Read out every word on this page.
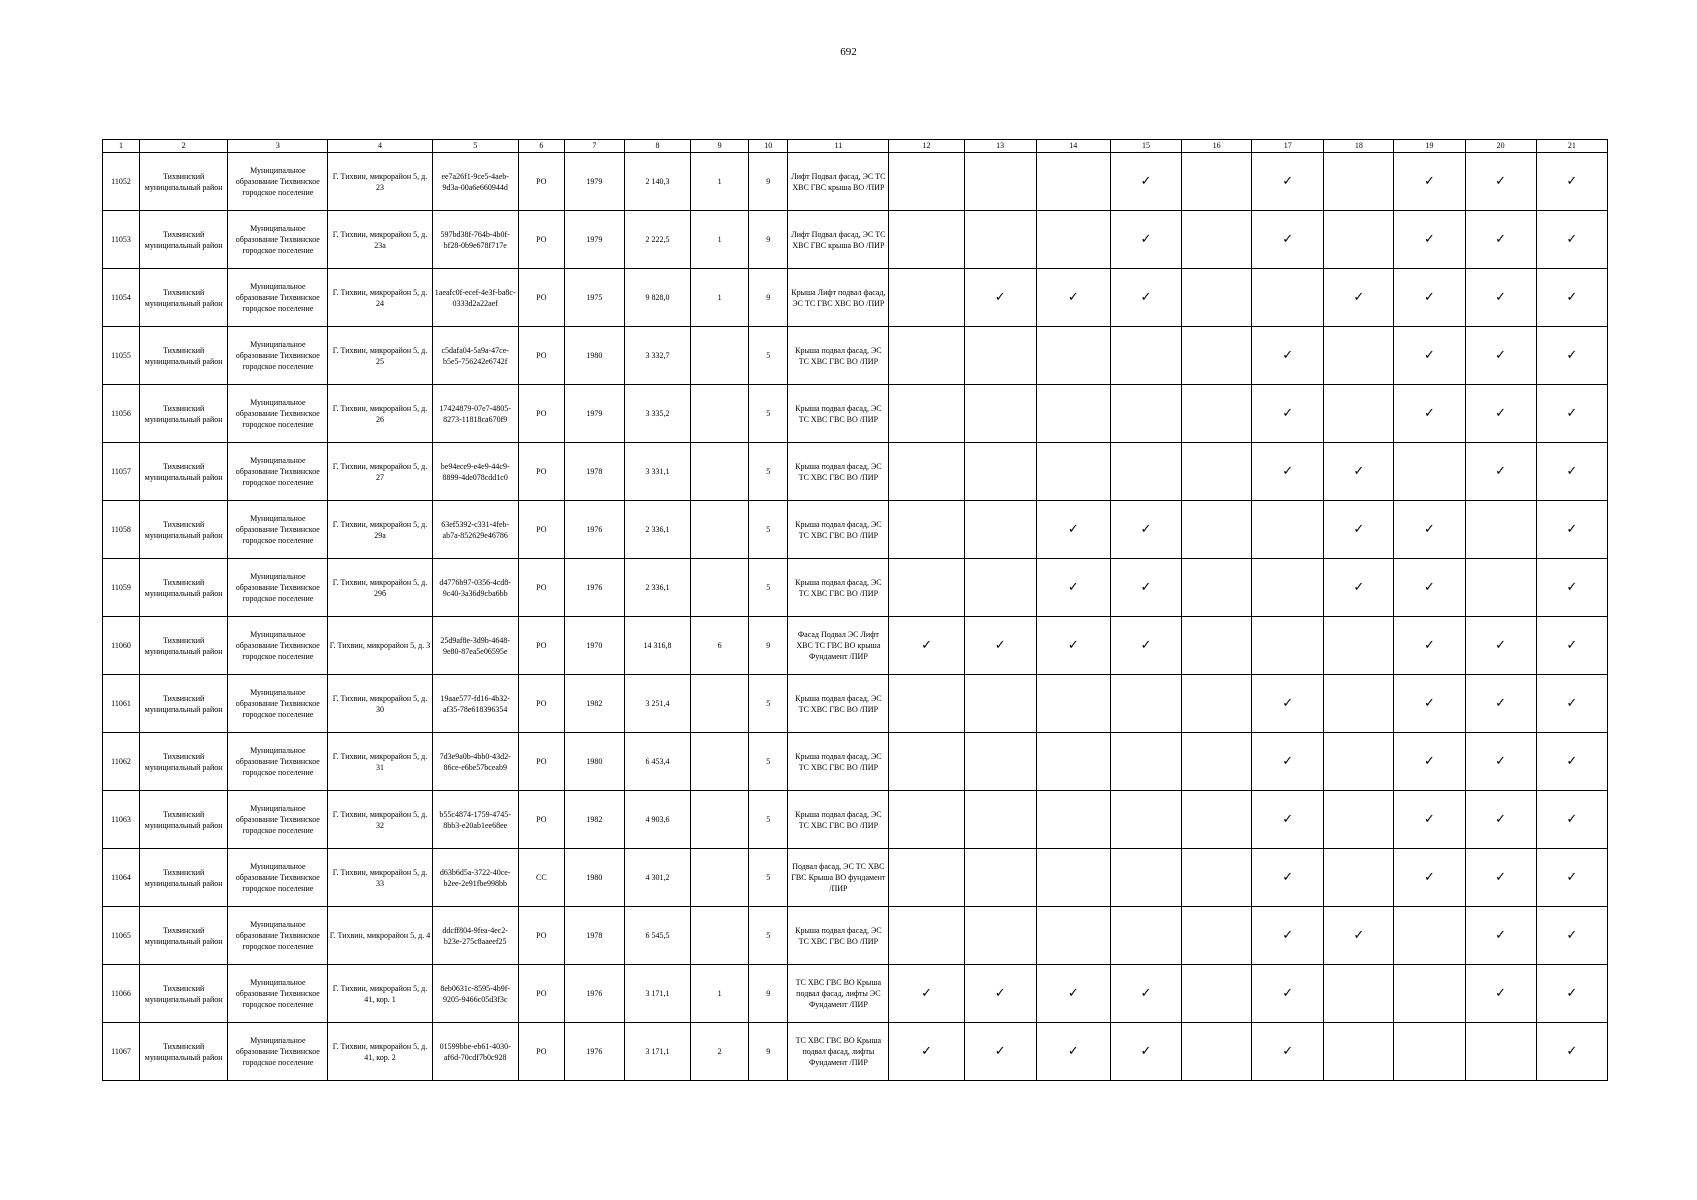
692
1	2	3	4	5	6	7	8	9	10	11	12	13	14	15	16	17	18	19	20	21
11052	Тихвинский муниципальный район	Муниципальное образование Тихвинское городское поселение	Г. Тихвин, микрорайон 5, д. 23	ee7a26f1-9ce5-4aeb-9d3a-00a6e660944d	РО	1979	2 140,3	1	9	Лифт Подвал фасад, ЭС ТС ХВС ГВС крыша ВО /ПИР				✓		✓		✓	✓	✓
11053	Тихвинский муниципальный район	Муниципальное образование Тихвинское городское поселение	Г. Тихвин, микрорайон 5, д. 23а	597bd38f-764b-4b0f-bf28-0b9e678f717e	РО	1979	2 222,5	1	9	Лифт Подвал фасад, ЭС ТС ХВС ГВС крыша ВО /ПИР				✓		✓		✓	✓	✓
11054	Тихвинский муниципальный район	Муниципальное образование Тихвинское городское поселение	Г. Тихвин, микрорайон 5, д. 24	1aeafc0f-ecef-4e3f-ba8c-0333d2a22aef	РО	1975	9 828,0	1	9	Крыша Лифт подвал фасад, ЭС ТС ГВС ХВС ВО /ПИР		✓	✓	✓			✓	✓	✓	✓
11055	Тихвинский муниципальный район	Муниципальное образование Тихвинское городское поселение	Г. Тихвин, микрорайон 5, д. 25	c5dafa04-5a9a-47ce-b5e5-756242e6742f	РО	1980	3 332,7		5	Крыша подвал фасад, ЭС ТС ХВС ГВС ВО /ПИР						✓		✓	✓	✓
11056	Тихвинский муниципальный район	Муниципальное образование Тихвинское городское поселение	Г. Тихвин, микрорайон 5, д. 26	17424879-07e7-4805-8273-11818ca670f9	РО	1979	3 335,2		5	Крыша подвал фасад, ЭС ТС ХВС ГВС ВО /ПИР						✓		✓	✓	✓
11057	Тихвинский муниципальный район	Муниципальное образование Тихвинское городское поселение	Г. Тихвин, микрорайон 5, д. 27	be94ece9-e4e9-44c9-8899-4de078cdd1c0	РО	1978	3 331,1		5	Крыша подвал фасад, ЭС ТС ХВС ГВС ВО /ПИР						✓	✓		✓	✓
11058	Тихвинский муниципальный район	Муниципальное образование Тихвинское городское поселение	Г. Тихвин, микрорайон 5, д. 29а	63ef5392-c331-4feb-ab7a-852629e46786	РО	1976	2 336,1		5	Крыша подвал фасад, ЭС ТС ХВС ГВС ВО /ПИР			✓	✓			✓	✓		✓
11059	Тихвинский муниципальный район	Муниципальное образование Тихвинское городское поселение	Г. Тихвин, микрорайон 5, д. 29б	d4776b97-0356-4cd8-9c40-3a36d9cba6bb	РО	1976	2 336,1		5	Крыша подвал фасад, ЭС ТС ХВС ГВС ВО /ПИР			✓	✓			✓	✓		✓
11060	Тихвинский муниципальный район	Муниципальное образование Тихвинское городское поселение	Г. Тихвин, микрорайон 5, д. 3	25d9af8e-3d9b-4648-9e80-87ea5e06595e	РО	1970	14 316,8	6	9	Фасад Подвал ЭС Лифт ХВС ТС ГВС ВО крыша Фундамент /ПИР	✓	✓	✓	✓				✓	✓	✓
11061	Тихвинский муниципальный район	Муниципальное образование Тихвинское городское поселение	Г. Тихвин, микрорайон 5, д. 30	19aae577-fd16-4b32-af35-78e618396354	РО	1982	3 251,4		5	Крыша подвал фасад, ЭС ТС ХВС ГВС ВО /ПИР						✓		✓	✓	✓
11062	Тихвинский муниципальный район	Муниципальное образование Тихвинское городское поселение	Г. Тихвин, микрорайон 5, д. 31	7d3e9a0b-4bb0-43d2-86ce-e6be57bceab9	РО	1980	6 453,4		5	Крыша подвал фасад, ЭС ТС ХВС ГВС ВО /ПИР						✓		✓	✓	✓
11063	Тихвинский муниципальный район	Муниципальное образование Тихвинское городское поселение	Г. Тихвин, микрорайон 5, д. 32	b55c4874-1759-4745-8bb3-e20ab1ee68ee	РО	1982	4 903,6		5	Крыша подвал фасад, ЭС ТС ХВС ГВС ВО /ПИР						✓		✓	✓	✓
11064	Тихвинский муниципальный район	Муниципальное образование Тихвинское городское поселение	Г. Тихвин, микрорайон 5, д. 33	d63b6d5a-3722-40ce-b2ee-2e91fbe998bb	СС	1980	4 301,2		5	Подвал фасад, ЭС ТС ХВС ГВС Крыша ВО фундамент /ПИР						✓		✓	✓	✓
11065	Тихвинский муниципальный район	Муниципальное образование Тихвинское городское поселение	Г. Тихвин, микрорайон 5, д. 4	ddcff804-9fea-4ec2-b23e-275c8aaeef25	РО	1978	6 545,5		5	Крыша подвал фасад, ЭС ТС ХВС ГВС ВО /ПИР						✓	✓		✓	✓
11066	Тихвинский муниципальный район	Муниципальное образование Тихвинское городское поселение	Г. Тихвин, микрорайон 5, д. 41, кор. 1	8eb0631c-8595-4b9f-9205-9466c05d3f3c	РО	1976	3 171,1	1	9	ТС ХВС ГВС ВО Крыша подвал фасад, лифты ЭС Фундамент /ПИР	✓	✓	✓	✓		✓			✓	✓
11067	Тихвинский муниципальный район	Муниципальное образование Тихвинское городское поселение	Г. Тихвин, микрорайон 5, д. 41, кор. 2	01599bbe-eb61-4030-af6d-70cdf7b0c928	РО	1976	3 171,1	2	9	ТС ХВС ГВС ВО Крыша подвал фасад, лифты Фундамент /ПИР	✓	✓	✓	✓		✓				✓
